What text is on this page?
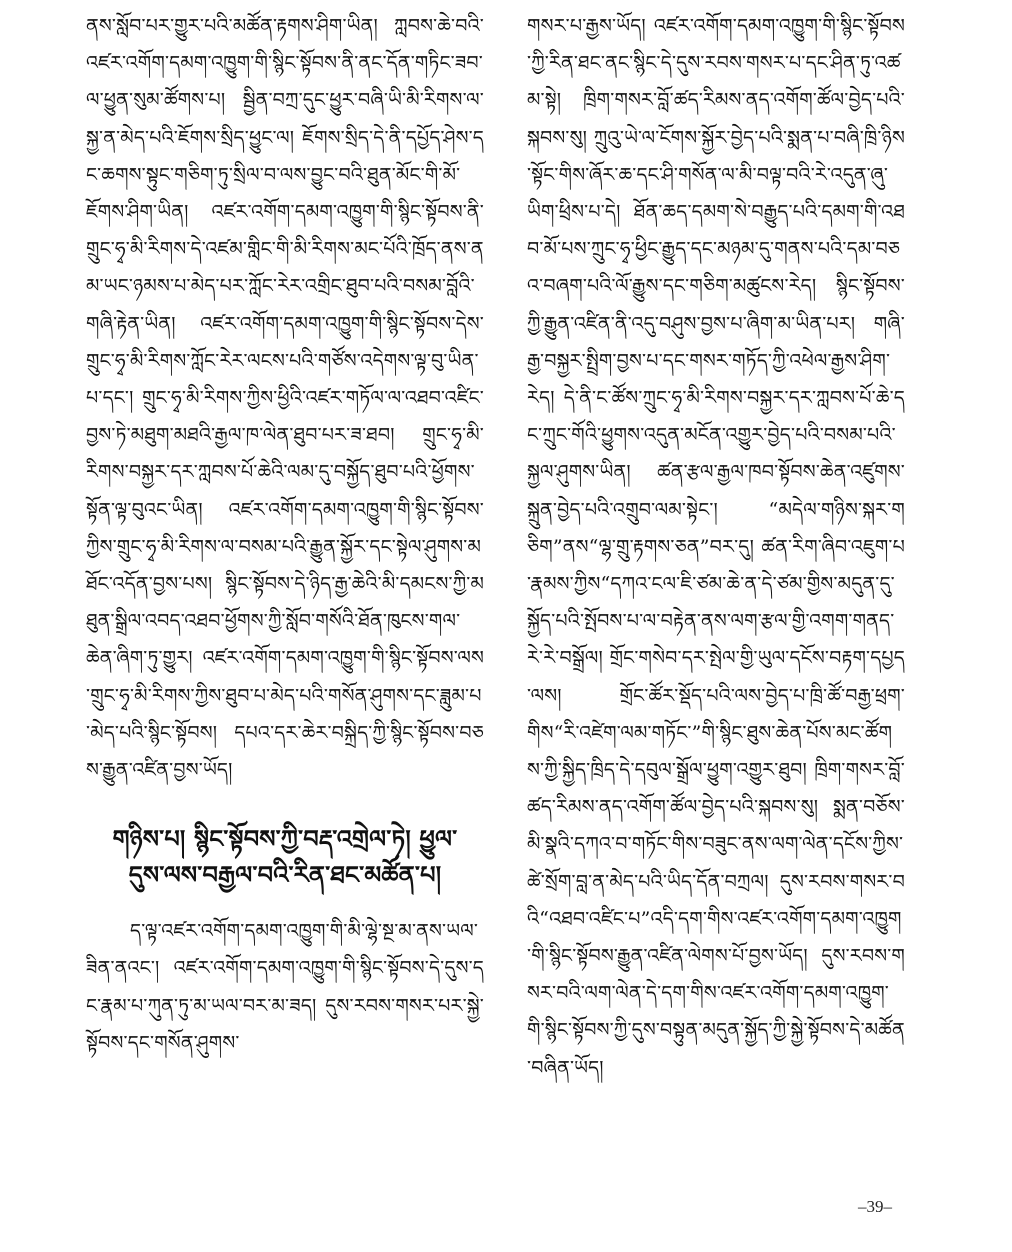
ནས་སློབ་པར་གྱུར་པའི་མཚོན་རྟགས་ཤིག་ཡིན། ཀླབས་ཆེ་བའི་འཛར་འགོག་དམག་འཁྱུག་གི་སྙིང་སྟོབས་ནི་ནང་དོན་གཏིང་ཟབ་ལ་ཕྱུན་སུམ་ཚོགས་པ། སྦྱིན་བཀྲ་དུང་ཕྱུར་བཞི་ཡི་མི་རིགས་ལ་སྐྱ་ན་མེད་པའི་ཇོགས་སྲིད་ཕྱུང་ལ། ཇོགས་སྲིད་དེ་ནི་དཔྱོད་ཤེས་དང་ཆགས་སྟུང་གཅིག་ཏུ་སྲིལ་བ་ལས་བྱུང་བའི་ཐུན་མོང་གི་མོ་ཇོགས་ཤིག་ཡིན། འཛར་འགོག་དམག་འཁྱུག་གི་སྙིང་སྟོབས་ནི་གྲུང་ཧྭ་མི་རིགས་དེ་འཛམ་གླིང་གི་མི་རིགས་མང་པོའི་ཁྲོད་ནས་ནམ་ཡང་ཉམས་པ་མེད་པར་ཀློང་རེར་འགྲིང་ཐུབ་པའི་བསམ་བློའི་གཞི་རྟེན་ཡིན། འཛར་འགོག་དམག་འཁྱུག་གི་སྙིང་སྟོབས་དེས་གྲུང་ཧྭ་མི་རིགས་ཀློང་རེར་ལངས་པའི་གཙོས་འདེགས་ལྟ་བུ་ཡིན་པ་དང་། གྲུང་ཧྭ་མི་རིགས་ཀྱིས་ཕྱིའི་འཛར་གཏོལ་ལ་འཐབ་འཛིང་བྱས་ཏེ་མཐུག་མཐའི་རྒྱལ་ཁ་ལེན་ཐུབ་པར་ཟ་ཐབ། གྲུང་ཧྭ་མི་རིགས་བསྐྱར་དར་ཀླབས་པོ་ཆེའི་ལམ་དུ་བསྐྱོད་ཐུབ་པའི་ཕྱོགས་སྟོན་ལྟ་བུའང་ཡིན། འཛར་འགོག་དམག་འཁྱུག་གི་སྙིང་སྟོབས་ཀྱིས་གྲུང་ཧྭ་མི་རིགས་ལ་བསམ་པའི་རྒྱུན་སྐྱོར་དང་སྟེལ་ཤུགས་མཐོང་འདོན་བྱས་པས། སྙིང་སྟོབས་དེ་ཉིད་རྒྱ་ཆེའི་མི་དམངས་ཀྱི་མཐུན་སྒྲིལ་འབད་འཐབ་ཕྱོགས་ཀྱི་སློབ་གསོའི་ཐོན་ཁུངས་གལ་ཆེན་ཞིག་ཏུ་གྱུར། འཛར་འགོག་དམག་འཁྱུག་གི་སྙིང་སྟོབས་ལས་གྲུང་ཧྭ་མི་རིགས་ཀྱིས་ཐུབ་པ་མེད་པའི་གསོན་ཤུགས་དང་ཟླུམ་པ་མེད་པའི་སྙིང་སྟོབས། དཔའ་དར་ཆེར་བསྐྲིད་ཀྱི་སྙིང་སྟོབས་བཅས་རྒྱུན་འཛིན་བྱས་ཡོད།

གཉིས་པ། སྙིང་སྟོབས་ཀྱི་བརྡ་འགྲེལ་ཏེ། ཕྱུལ་
དུས་ལས་བརྒྱལ་བའི་རིན་ཐང་མཚོན་པ།

ད་ལྟ་འཛར་འགོག་དམག་འཁྱུག་གི་མི་ལྷེ་སྔ་མ་ནས་ཡལ་ཟིན་ནའང་། འཛར་འགོག་དམག་འཁྱུག་གི་སྙིང་སྟོབས་དེ་དུས་དང་རྣམ་པ་ཀུན་ཏུ་མ་ཡལ་བར་མ་ཟད། དུས་རབས་གསར་པར་སྐྱེ་སྟོབས་དང་གསོན་ཤུགས་

གསར་པ་རྒྱས་ཡོད། འཛར་འགོག་དམག་འཁྱུག་གི་སྙིང་སྟོབས་ཀྱི་རིན་ཐང་ནང་སྙིང་དེ་དུས་རབས་གསར་པ་དང་ཤིན་ཏུ་འཚམ་སྟེ། ཁྲིག་གསར་བློ་ཚད་རིམས་ནད་འགོག་ཚོལ་བྱེད་པའི་སྐབས་སུ། ཀྲུའུ་ཡེ་ལ་ངོགས་སྐྱོར་བྱེད་པའི་སྨན་པ་བཞི་ཁྲི་ཉིས་སྟོང་གིས་ཞོར་ཆ་དང་ཤི་གསོན་ལ་མི་བལྟ་བའི་རེ་འདུན་ཞུ་ཡིག་ཕྲིས་པ་དེ། ཐོན་ཆད་དམག་སེ་བརྒྱུད་པའི་དམག་གི་འཐབ་མོ་པས་ཀྲུང་ཧྭ་ཕྱིང་རྒྱུད་དང་མཉམ་དུ་གནས་པའི་དམ་བཅའ་བཞག་པའི་ལོ་རྒྱུས་དང་གཅིག་མཚུངས་རེད། སྙིང་སྟོབས་ཀྱི་རྒྱུན་འཛིན་ནི་འདུ་བཤུས་བྱས་པ་ཞིག་མ་ཡིན་པར། གཞི་རྒྱ་བསྐྱར་སྤྲིག་བྱས་པ་དང་གསར་གཏོད་ཀྱི་འཕེལ་རྒྱས་ཤིག་རེད། དེ་ནི་ང་ཚོས་ཀྲུང་ཧྭ་མི་རིགས་བསྐྱར་དར་ཀླབས་པོ་ཆེ་དང་ཀྲུང་གོའི་ཕྱུགས་འདུན་མངོན་འགྱུར་བྱེད་པའི་བསམ་པའི་སྐྱལ་ཤུགས་ཡིན། ཚན་རྩལ་རྒྱལ་ཁབ་སྟོབས་ཆེན་འཛུགས་སྐྲུན་བྱེད་པའི་འགྲུབ་ལམ་སྟེང་། “མདེལ་གཉིས་སྐར་གཅིག”ནས“ལྷ་གྲུ་རྟགས་ཅན”བར་དུ། ཚན་རིག་ཞིབ་འཇུག་པ་རྣམས་ཀྱིས“དཀའ་ངལ་ཇི་ཙམ་ཆེ་ན་དེ་ཙམ་གྱིས་མདུན་དུ་སྐྱོད་པའི་སྤོབས་པ་ལ་བརྟེན་ནས་ལག་རྩལ་གྱི་འགག་གནད་རེ་རེ་བསྒྲོལ། གྲོང་གསེབ་དར་སྤེལ་གྱི་ཡུལ་དངོས་བརྟག་དཔྱད་ལས། གྲོང་ཚོར་སྡོད་པའི་ལས་བྱེད་པ་ཁྲི་ཚོ་བརྒྱ་ཕྲག་གིས“རི་འཛེག་ལམ་གཏོང་”གི་སྙིང་ཐུས་ཆེན་པོས་མང་ཚོགས་ཀྱི་སྐྱིད་ཁྲིད་དེ་དབུལ་སྒྲོལ་ཕྱུག་འགྱུར་ཐུབ། ཁྲིག་གསར་བློ་ཚད་རིམས་ནད་འགོག་ཚོལ་བྱེད་པའི་སྐབས་སུ། སྨན་བཅོས་མི་སྣའི་དཀའ་བ་གཏོང་གིས་བཟུང་ནས་ལག་ལེན་དངོས་ཀྱིས་ཚེ་སྲོག་བླ་ན་མེད་པའི་ཡིད་དོན་བཀྲལ། དུས་རབས་གསར་བའི“འཐབ་འཛིང་པ”འདི་དག་གིས་འཛར་འགོག་དམག་འཁྱུག་གི་སྙིང་སྟོབས་རྒྱུན་འཛིན་ལེགས་པོ་བྱས་ཡོད། དུས་རབས་གསར་བའི་ལག་ལེན་དེ་དག་གིས་འཛར་འགོག་དམག་འཁྱུག་གི་སྙིང་སྟོབས་ཀྱི་དུས་བསྟུན་མདུན་སྐྱོད་ཀྱི་སྐྱེ་སྟོབས་དེ་མཚོན་བཞིན་ཡོད།

–39–
